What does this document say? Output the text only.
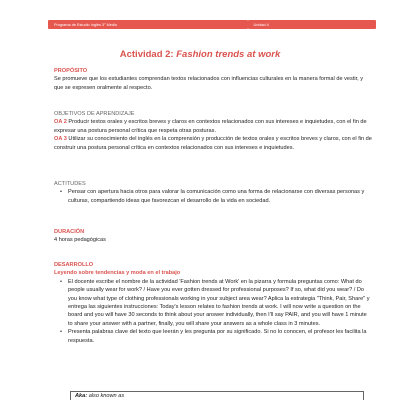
Programa de Estudio Inglés 3° Medio	Unidad 4
Actividad 2: Fashion trends at work
PROPÓSITO
Se promueve que los estudiantes comprendan textos relacionados con influencias culturales en la manera formal de vestir, y que se expresen oralmente al respecto.
OBJETIVOS DE APRENDIZAJE
OA 2 Producir textos orales y escritos breves y claros en contextos relacionados con sus intereses e inquietudes, con el fin de expresar una postura personal crítica que respeta otras posturas.
OA 3 Utilizar su conocimiento del inglés en la comprensión y producción de textos orales y escritos breves y claros, con el fin de construir una postura personal crítica en contextos relacionados con sus intereses e inquietudes.
ACTITUDES
• Pensar con apertura hacia otros para valorar la comunicación como una forma de relacionarse con diversas personas y culturas, compartiendo ideas que favorezcan el desarrollo de la vida en sociedad.
DURACIÓN
4 horas pedagógicas
DESARROLLO
Leyendo sobre tendencias y moda en el trabajo
• El docente escribe el nombre de la actividad 'Fashion trends at Work' en la pizarra y formula preguntas como: What do people usually wear for work? / Have you ever gotten dressed for professional purposes? If so, what did you wear? / Do you know what type of clothing professionals working in your subject area wear? Aplica la estrategia "Think, Pair, Share" y entrega las siguientes instrucciones: Today's lesson relates to fashion trends at work. I will now write a question on the board and you will have 30 seconds to think about your answer individually, then I'll say PAIR, and you will have 1 minute to share your answer with a partner, finally, you will share your answers as a whole class in 3 minutes.
• Presenta palabras clave del texto que leerán y les pregunta por su significado. Si no lo conocen, el profesor les facilita la respuesta.
Aka: also known as
